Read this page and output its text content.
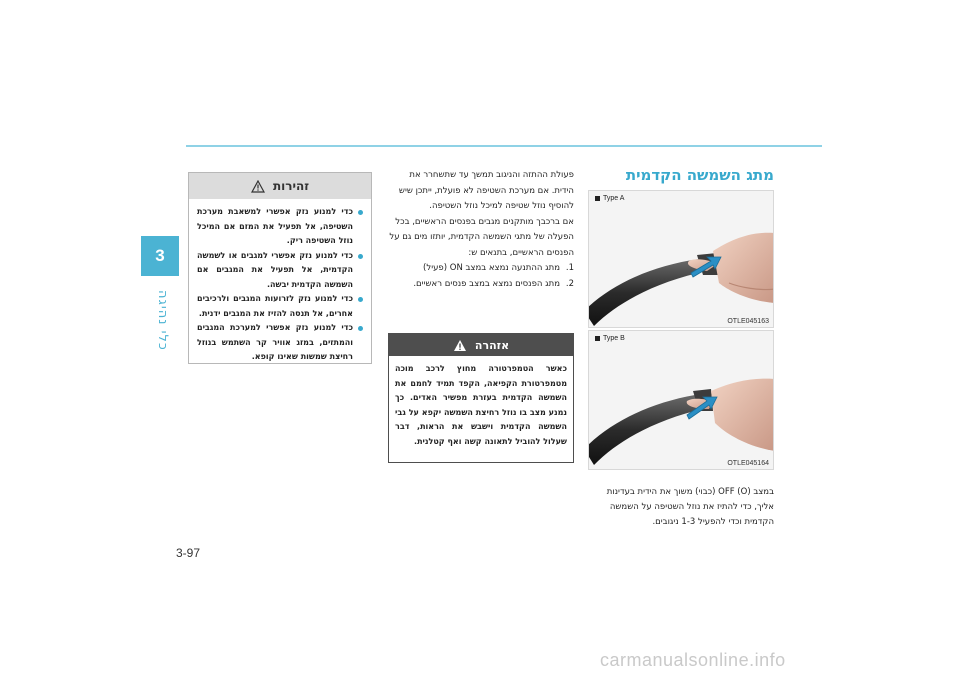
3
כלי נהיגה
3-97
מתג השמשה הקדמית
Type A
OTLE045163
Type B
OTLE045164
במצב OFF (O) (כבוי) משוך את הידית בעדינות אליך, כדי להתיז את נוזל השטיפה על השמשה הקדמית וכדי להפעיל 1-3 ניגובים.

פעולת ההתזה והניגוב תמשך עד שתשחרר את הידית. אם מערכת השטיפה לא פועלת, ייתכן שיש להוסיף נוזל שטיפה למיכל נוזל השטיפה.

אם ברכבך מותקנים מגבים בפנסים הראשיים, בכל הפעלה של מתגי השמשה הקדמית, יותזו מים גם על הפנסים הראשיים, בתנאים ש:

1.
מתג ההתנעה נמצא במצב ON (פעיל)
2.
מתג הפנסים נמצא במצב פנסים ראשיים.
אזהרה
כאשר הטמפרטורה מחוץ לרכב מוכה מטמפרטורת הקפיאה, הקפד תמיד לחמם את השמשה הקדמית בעזרת מפשיר האדים. כך נמנע מצב בו נוזל רחיצת השמשה יקפא על גבי השמשה הקדמית וישבש את הראות, דבר שעלול להוביל לתאונה קשה ואף קטלנית.
זהירות
כדי למנוע נזק אפשרי למשאבת מערכת השטיפה, אל תפעיל את המזם אם המיכל נוזל השטיפה ריק.
כדי למנוע נזק אפשרי למגבים או לשמשה הקדמית, אל תפעיל את המגבים אם השמשה הקדמית יבשה.
כדי למנוע נזק לזרועות המגבים ולרכיבים אחרים, אל תנסה להזיז את המגבים ידנית.
כדי למנוע נזק אפשרי למערכת המגבים והמתזים, במזג אוויר קר השתמש בנוזל רחיצת שמשות שאינו קופא.
carmanualsonline.info
